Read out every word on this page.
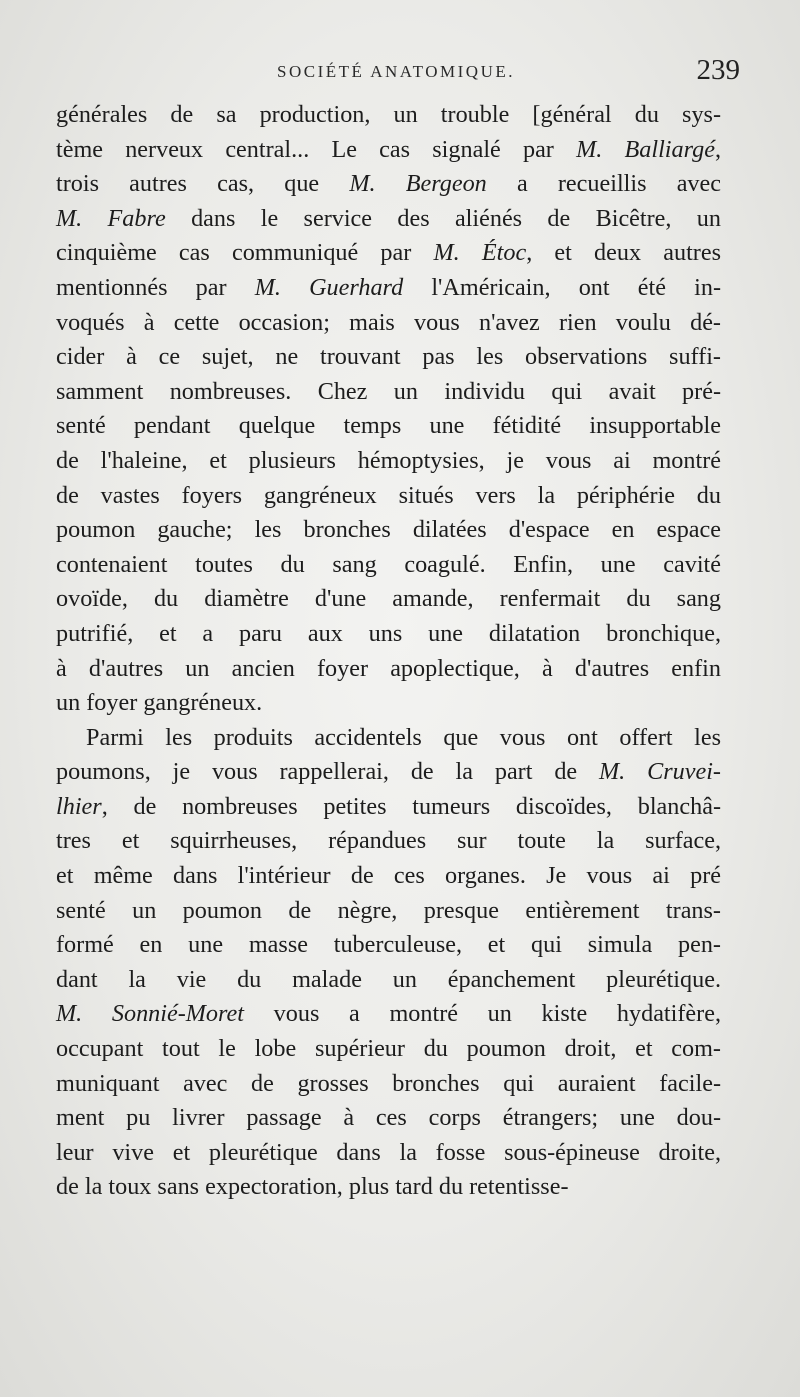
SOCIÉTÉ ANATOMIQUE.	239
générales de sa production, un trouble [général du sys-
tème nerveux central... Le cas signalé par M. Balliargé,
trois autres cas, que M. Bergeon a recueillis avec
M. Fabre dans le service des aliénés de Bicêtre, un
cinquième cas communiqué par M. Étoc, et deux autres
mentionnés par M. Guerhard l'Américain, ont été in-
voqués à cette occasion; mais vous n'avez rien voulu dé-
cider à ce sujet, ne trouvant pas les observations suffi-
samment nombreuses. Chez un individu qui avait pré-
senté pendant quelque temps une fétidité insupportable
de l'haleine, et plusieurs hémoptysies, je vous ai montré
de vastes foyers gangréneux situés vers la périphérie du
poumon gauche; les bronches dilatées d'espace en espace
contenaient toutes du sang coagulé. Enfin, une cavité
ovoïde, du diamètre d'une amande, renfermait du sang
putrifié, et a paru aux uns une dilatation bronchique,
à d'autres un ancien foyer apoplectique, à d'autres enfin
un foyer gangréneux.
Parmi les produits accidentels que vous ont offert les
poumons, je vous rappellerai, de la part de M. Cruvei-
lhier, de nombreuses petites tumeurs discoïdes, blanchâ-
tres et squirrheuses, répandues sur toute la surface,
et même dans l'intérieur de ces organes. Je vous ai pré
senté un poumon de nègre, presque entièrement trans-
formé en une masse tuberculeuse, et qui simula pen-
dant la vie du malade un épanchement pleurétique.
M. Sonnié-Moret vous a montré un kiste hydatifère,
occupant tout le lobe supérieur du poumon droit, et com-
muniquant avec de grosses bronches qui auraient facile-
ment pu livrer passage à ces corps étrangers; une dou-
leur vive et pleurétique dans la fosse sous-épineuse droite,
de la toux sans expectoration, plus tard du retentisse-
